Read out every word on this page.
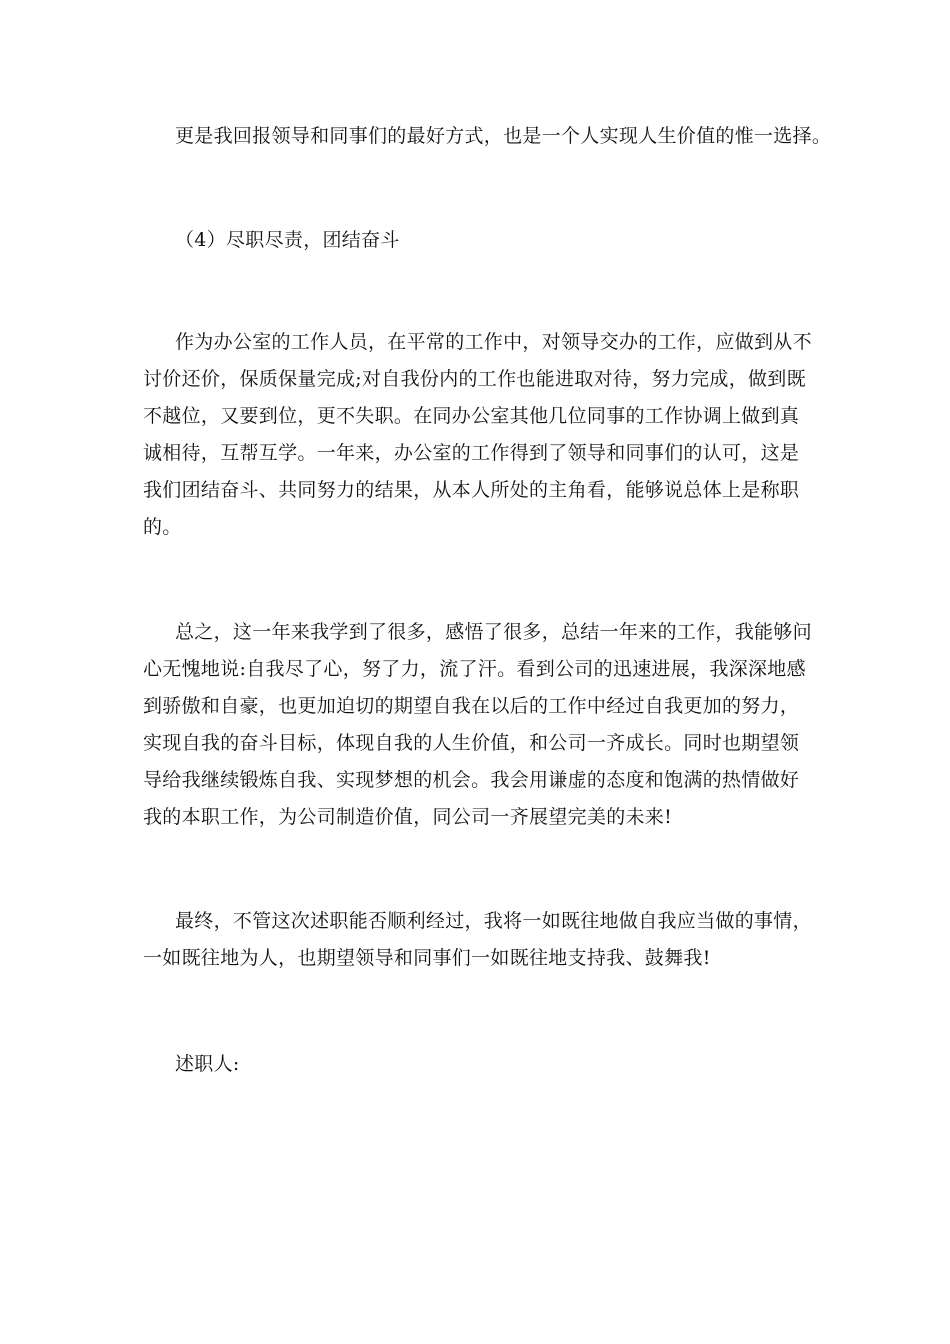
更是我回报领导和同事们的最好方式，也是一个人实现人生价值的惟一选择。

（4）尽职尽责，团结奋斗

作为办公室的工作人员，在平常的工作中，对领导交办的工作，应做到从不讨价还价，保质保量完成;对自我份内的工作也能进取对待，努力完成，做到既不越位，又要到位，更不失职。在同办公室其他几位同事的工作协调上做到真诚相待，互帮互学。一年来，办公室的工作得到了领导和同事们的认可，这是我们团结奋斗、共同努力的结果，从本人所处的主角看，能够说总体上是称职的。

总之，这一年来我学到了很多，感悟了很多，总结一年来的工作，我能够问心无愧地说:自我尽了心，努了力，流了汗。看到公司的迅速进展，我深深地感到骄傲和自豪，也更加迫切的期望自我在以后的工作中经过自我更加的努力，实现自我的奋斗目标，体现自我的人生价值，和公司一齐成长。同时也期望领导给我继续锻炼自我、实现梦想的机会。我会用谦虚的态度和饱满的热情做好我的本职工作，为公司制造价值，同公司一齐展望完美的未来!

最终，不管这次述职能否顺利经过，我将一如既往地做自我应当做的事情，一如既往地为人，也期望领导和同事们一如既往地支持我、鼓舞我!

述职人:
